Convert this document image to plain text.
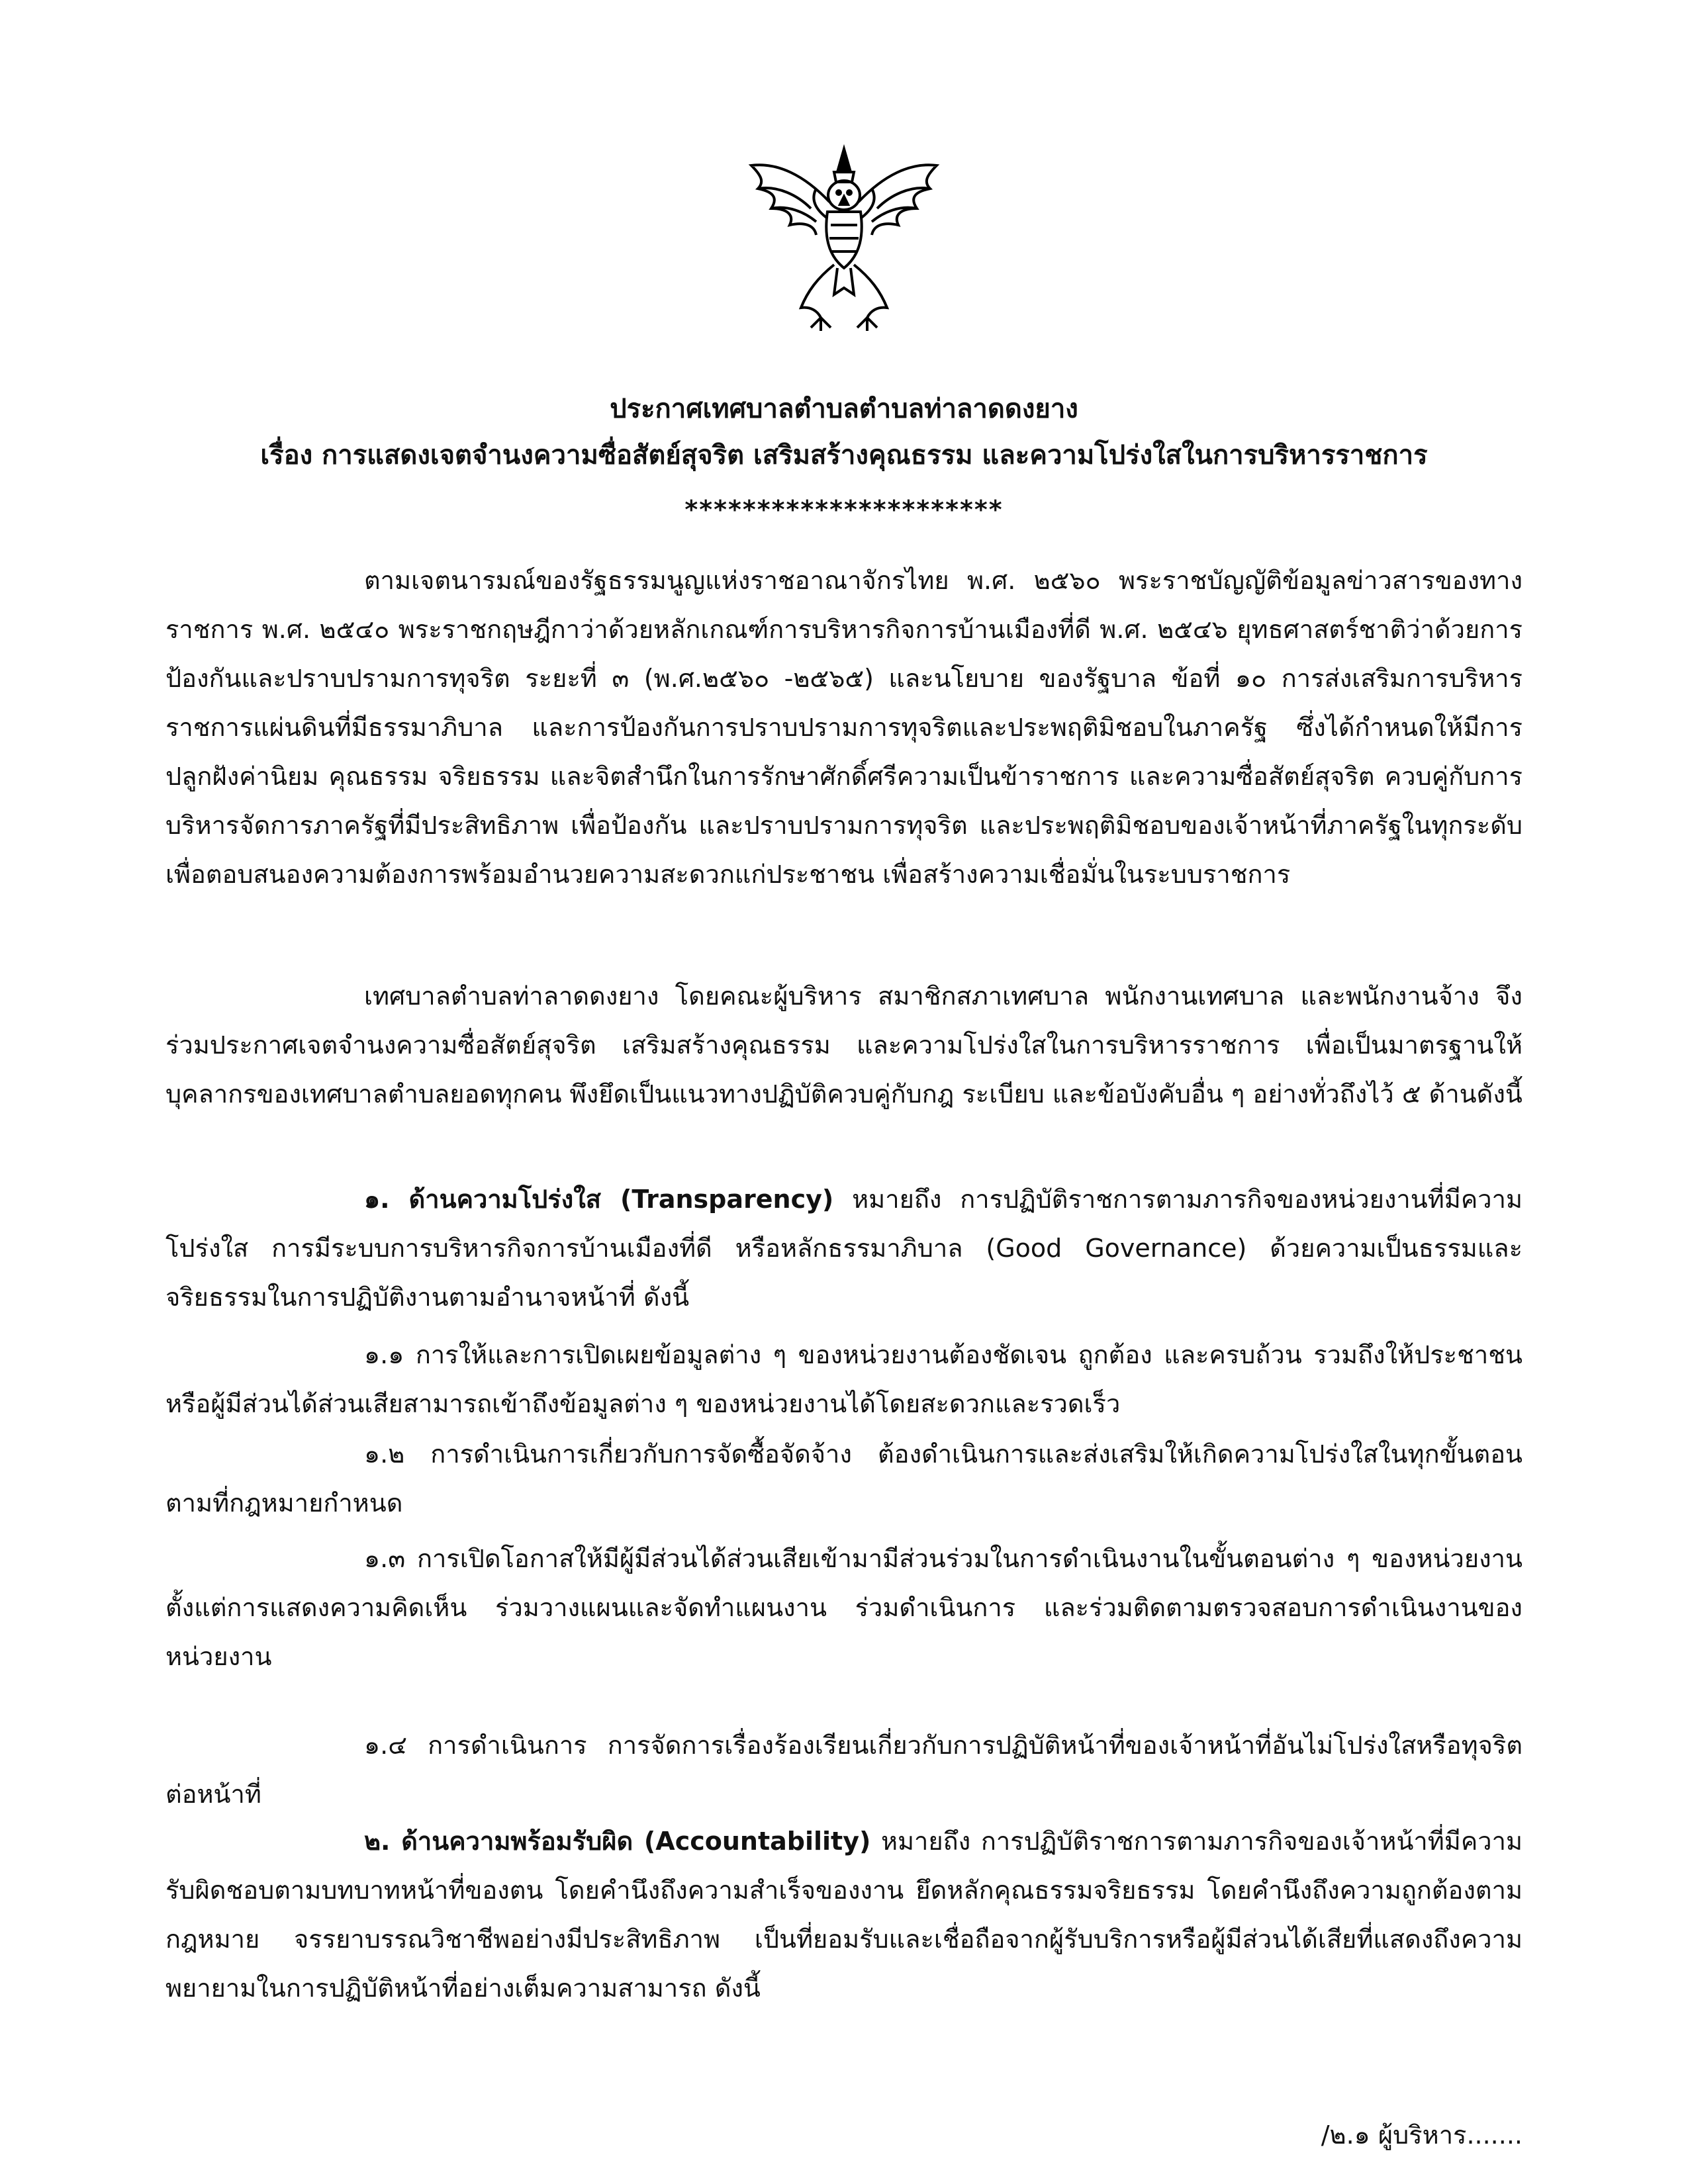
ประกาศเทศบาลตำบลตำบลท่าลาดดงยาง
เรื่อง การแสดงเจตจำนงความซื่อสัตย์สุจริต เสริมสร้างคุณธรรม และความโปร่งใสในการบริหารราชการ
**********************

ตามเจตนารมณ์ของรัฐธรรมนูญแห่งราชอาณาจักรไทย พ.ศ. ๒๕๖๐ พระราชบัญญัติข้อมูลข่าวสารของทางราชการ พ.ศ. ๒๕๔๐ พระราชกฤษฎีกาว่าด้วยหลักเกณฑ์การบริหารกิจการบ้านเมืองที่ดี พ.ศ. ๒๕๔๖ ยุทธศาสตร์ชาติว่าด้วยการป้องกันและปราบปรามการทุจริต ระยะที่ ๓ (พ.ศ.๒๕๖๐ -๒๕๖๕) และนโยบาย ของรัฐบาล ข้อที่ ๑๐ การส่งเสริมการบริหารราชการแผ่นดินที่มีธรรมาภิบาล และการป้องกันการปราบปรามการทุจริตและประพฤติมิชอบในภาครัฐ ซึ่งได้กำหนดให้มีการปลูกฝังค่านิยม คุณธรรม จริยธรรม และจิตสำนึกในการรักษาศักดิ์ศรีความเป็นข้าราชการ และความซื่อสัตย์สุจริต ควบคู่กับการบริหารจัดการภาครัฐที่มีประสิทธิภาพ เพื่อป้องกัน และปราบปรามการทุจริต และประพฤติมิชอบของเจ้าหน้าที่ภาครัฐในทุกระดับ เพื่อตอบสนองความต้องการพร้อมอำนวยความสะดวกแก่ประชาชน เพื่อสร้างความเชื่อมั่นในระบบราชการ

เทศบาลตำบลท่าลาดดงยาง โดยคณะผู้บริหาร สมาชิกสภาเทศบาล พนักงานเทศบาล และพนักงานจ้าง จึงร่วมประกาศเจตจำนงความซื่อสัตย์สุจริต เสริมสร้างคุณธรรม และความโปร่งใสในการบริหารราชการ เพื่อเป็นมาตรฐานให้บุคลากรของเทศบาลตำบลยอดทุกคน พึงยึดเป็นแนวทางปฏิบัติควบคู่กับกฎ ระเบียบ และข้อบังคับอื่น ๆ อย่างทั่วถึงไว้ ๕ ด้านดังนี้

๑. ด้านความโปร่งใส (Transparency) หมายถึง การปฏิบัติราชการตามภารกิจของหน่วยงานที่มีความโปร่งใส การมีระบบการบริหารกิจการบ้านเมืองที่ดี หรือหลักธรรมาภิบาล (Good Governance) ด้วยความเป็นธรรมและจริยธรรมในการปฏิบัติงานตามอำนาจหน้าที่ ดังนี้

๑.๑ การให้และการเปิดเผยข้อมูลต่าง ๆ ของหน่วยงานต้องชัดเจน ถูกต้อง และครบถ้วน รวมถึงให้ประชาชนหรือผู้มีส่วนได้ส่วนเสียสามารถเข้าถึงข้อมูลต่าง ๆ ของหน่วยงานได้โดยสะดวกและรวดเร็ว

๑.๒ การดำเนินการเกี่ยวกับการจัดซื้อจัดจ้าง ต้องดำเนินการและส่งเสริมให้เกิดความโปร่งใสในทุกขั้นตอนตามที่กฎหมายกำหนด

๑.๓ การเปิดโอกาสให้มีผู้มีส่วนได้ส่วนเสียเข้ามามีส่วนร่วมในการดำเนินงานในขั้นตอนต่าง ๆ ของหน่วยงาน ตั้งแต่การแสดงความคิดเห็น ร่วมวางแผนและจัดทำแผนงาน ร่วมดำเนินการ และร่วมติดตามตรวจสอบการดำเนินงานของหน่วยงาน

๑.๔ การดำเนินการ การจัดการเรื่องร้องเรียนเกี่ยวกับการปฏิบัติหน้าที่ของเจ้าหน้าที่อันไม่โปร่งใสหรือทุจริตต่อหน้าที่

๒. ด้านความพร้อมรับผิด (Accountability) หมายถึง การปฏิบัติราชการตามภารกิจของเจ้าหน้าที่มีความรับผิดชอบตามบทบาทหน้าที่ของตน โดยคำนึงถึงความสำเร็จของงาน ยึดหลักคุณธรรมจริยธรรม โดยคำนึงถึงความถูกต้องตามกฎหมาย จรรยาบรรณวิชาชีพอย่างมีประสิทธิภาพ เป็นที่ยอมรับและเชื่อถือจากผู้รับบริการหรือผู้มีส่วนได้เสียที่แสดงถึงความพยายามในการปฏิบัติหน้าที่อย่างเต็มความสามารถ ดังนี้

/๒.๑ ผู้บริหาร.......
